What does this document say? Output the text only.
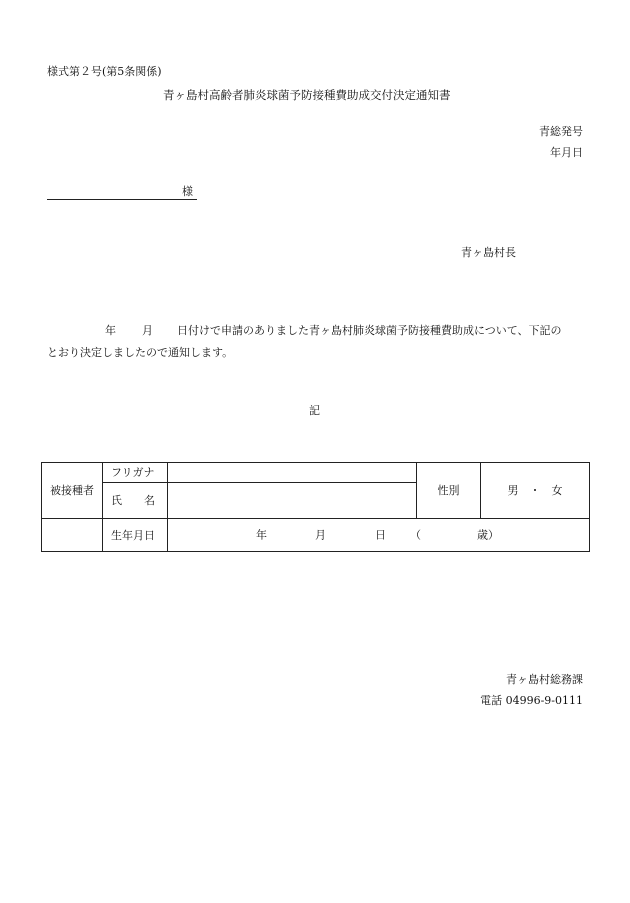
様式第２号(第5条関係)
青ヶ島村高齢者肺炎球菌予防接種費助成交付決定通知書
青総発号
年月日
様
青ヶ島村長
年 月 日付けで申請のありました青ヶ島村肺炎球菌予防接種費助成について、下記の
とおり決定しましたので通知します。
記
被接種者	フリガナ		性別	男　・　女
	氏　　名			
	生年月日	年 月 日 （ 歳）		
青ヶ島村総務課
電話 04996-9-0111
